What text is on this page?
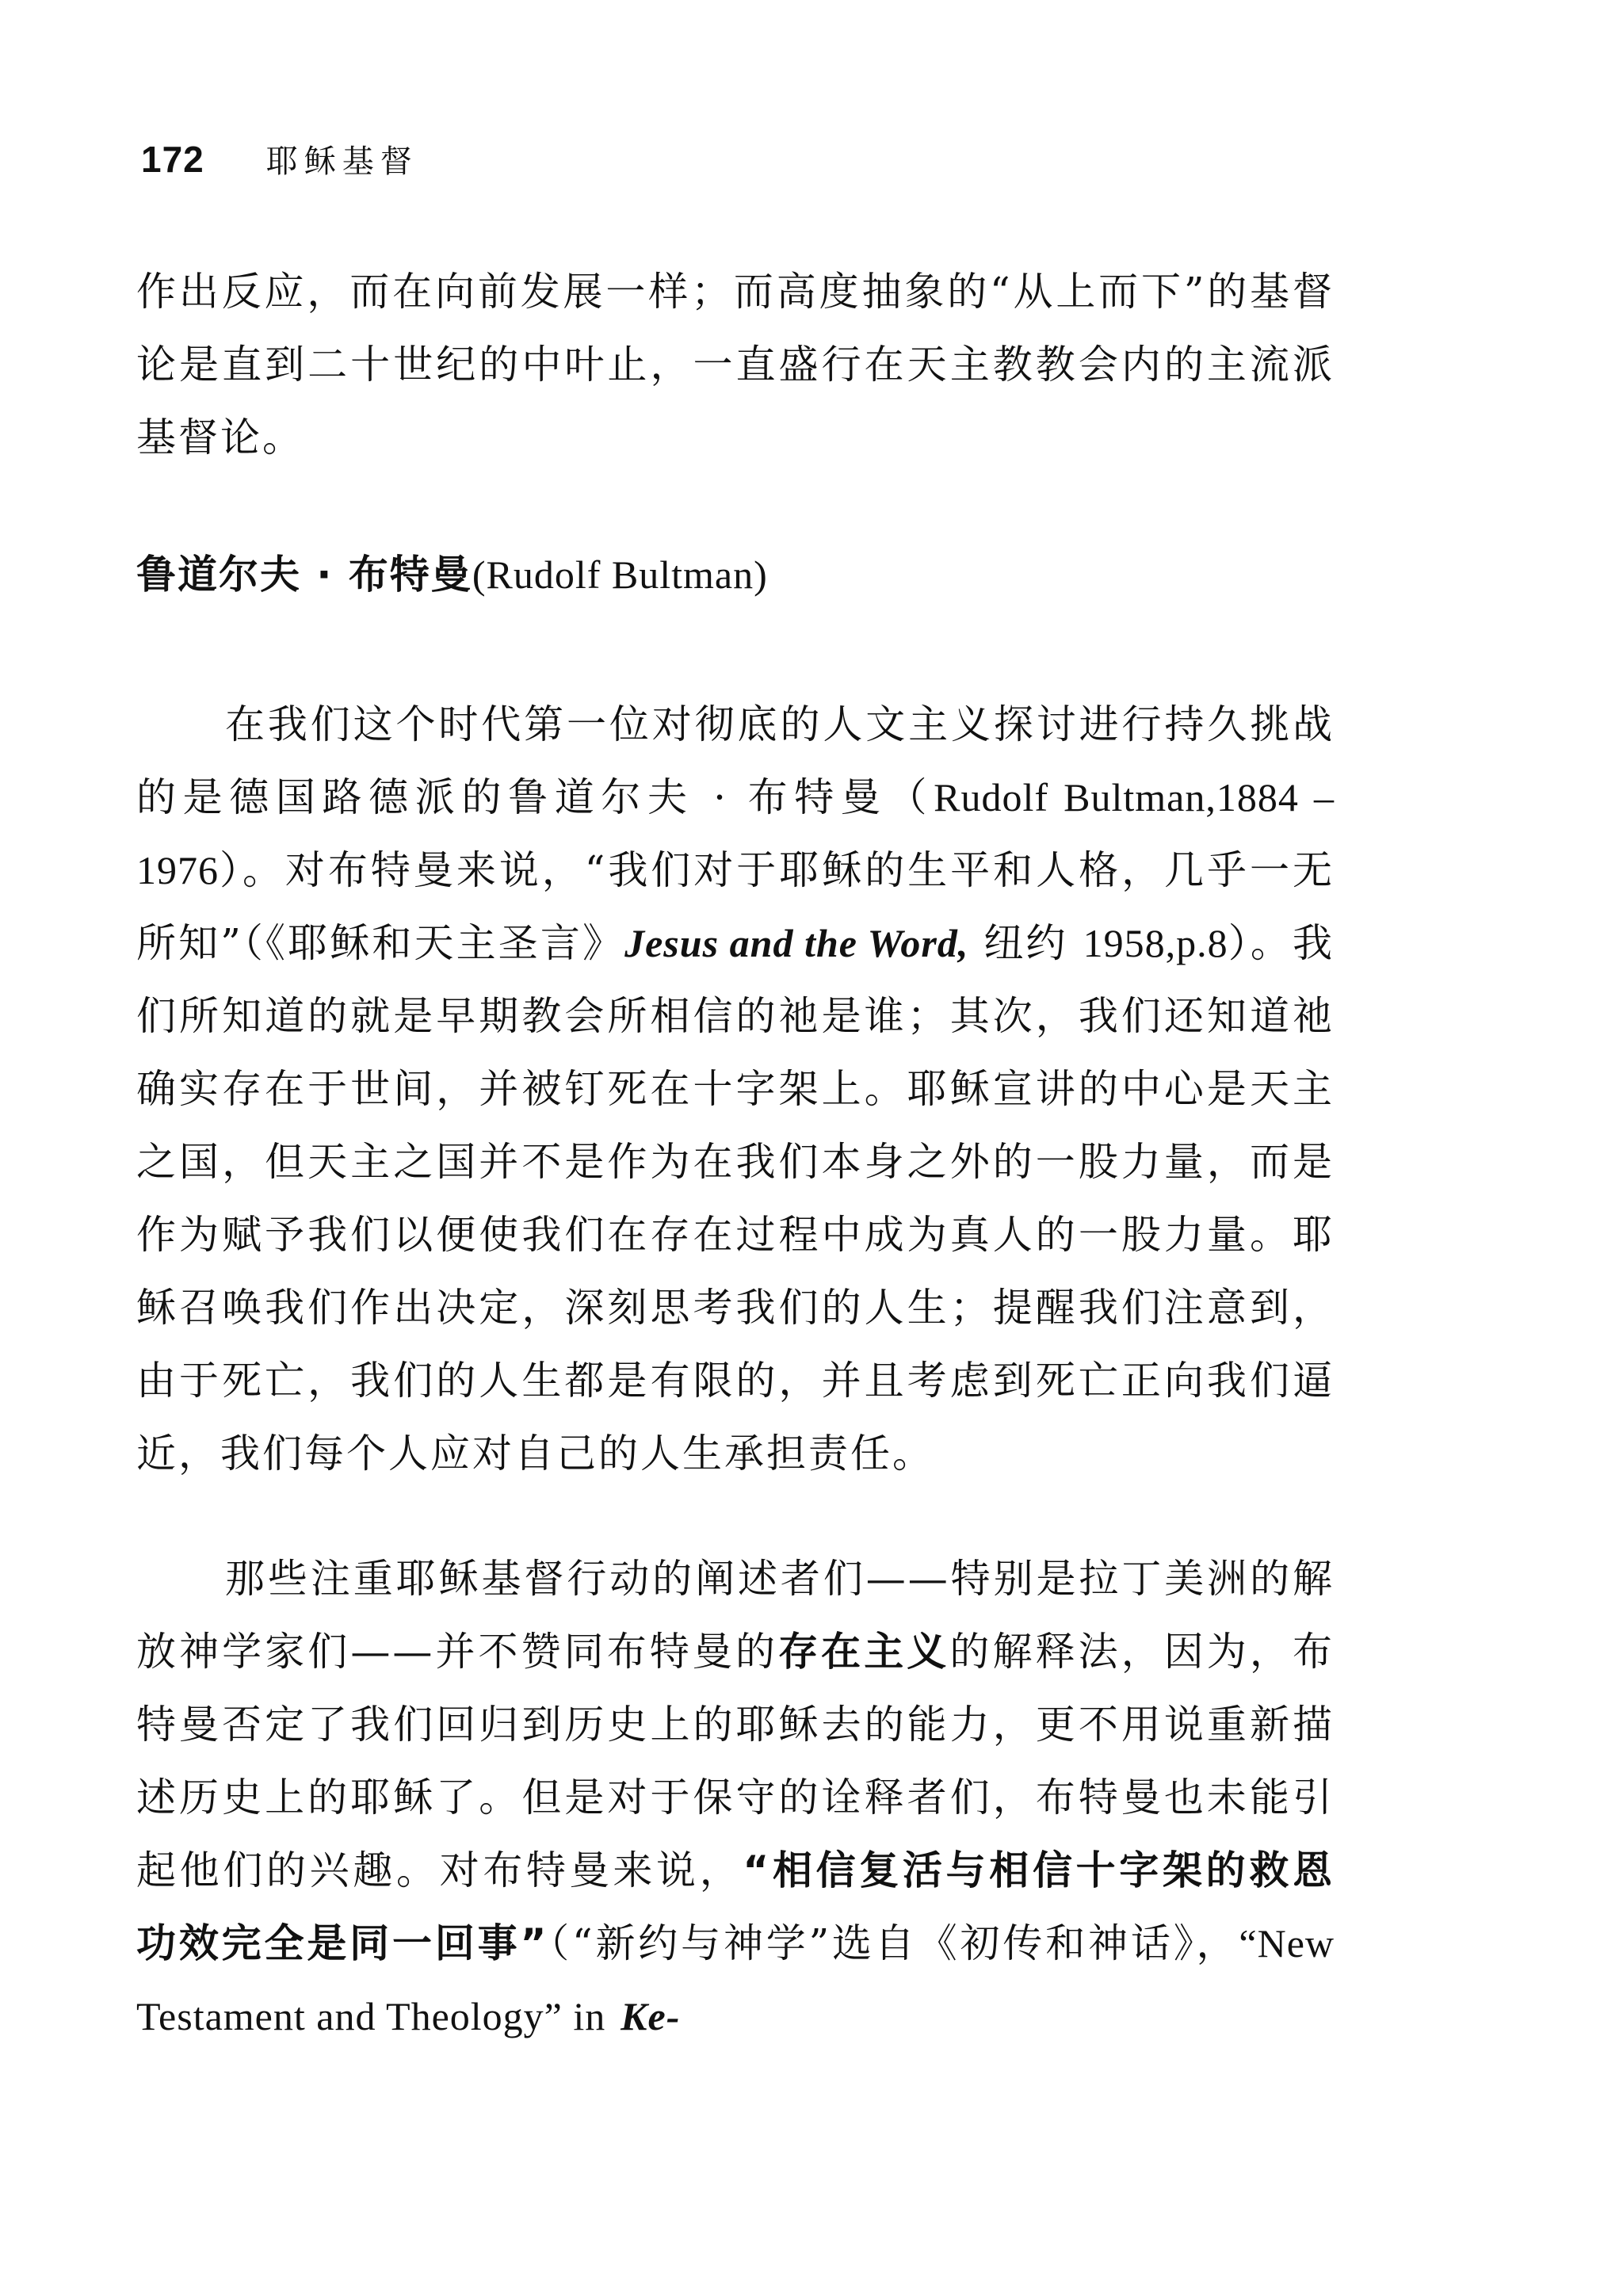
172 耶稣基督

作出反应，而在向前发展一样；而高度抽象的“从上而下”的基督论是直到二十世纪的中叶止，一直盛行在天主教教会内的主流派基督论。

鲁道尔夫 · 布特曼(Rudolf Bultman)

在我们这个时代第一位对彻底的人文主义探讨进行持久挑战的是德国路德派的鲁道尔夫 · 布特曼（Rudolf Bultman,1884 – 1976）。对布特曼来说，“我们对于耶稣的生平和人格，几乎一无所知”（《耶稣和天主圣言》Jesus and the Word, 纽约 1958,p.8）。我们所知道的就是早期教会所相信的祂是谁；其次，我们还知道祂确实存在于世间，并被钉死在十字架上。耶稣宣讲的中心是天主之国，但天主之国并不是作为在我们本身之外的一股力量，而是作为赋予我们以便使我们在存在过程中成为真人的一股力量。耶稣召唤我们作出决定，深刻思考我们的人生；提醒我们注意到，由于死亡，我们的人生都是有限的，并且考虑到死亡正向我们逼近，我们每个人应对自己的人生承担责任。

那些注重耶稣基督行动的阐述者们——特别是拉丁美洲的解放神学家们——并不赞同布特曼的存在主义的解释法，因为，布特曼否定了我们回归到历史上的耶稣去的能力，更不用说重新描述历史上的耶稣了。但是对于保守的诠释者们，布特曼也未能引起他们的兴趣。对布特曼来说，“相信复活与相信十字架的救恩功效完全是同一回事”（“新约与神学”选自《初传和神话》，“New Testament and Theology” in Ke-
